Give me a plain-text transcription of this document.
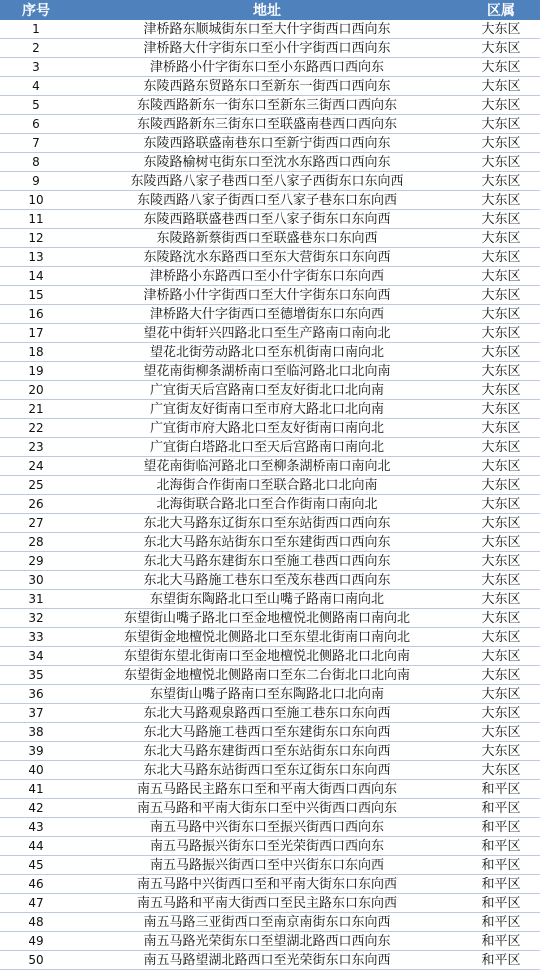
序号	地址	区属
1	津桥路东顺城街东口至大什字街西口西向东	大东区
2	津桥路大什字街东口至小什字街西口西向东	大东区
3	津桥路小什字街东口至小东路西口西向东	大东区
4	东陵西路东贸路东口至新东一街西口西向东	大东区
5	东陵西路新东一街东口至新东三街西口西向东	大东区
6	东陵西路新东三街东口至联盛南巷西口西向东	大东区
7	东陵西路联盛南巷东口至新宁街西口西向东	大东区
8	东陵路榆树屯街东口至沈水东路西口西向东	大东区
9	东陵西路八家子巷西口至八家子西街东口东向西	大东区
10	东陵西路八家子街西口至八家子巷东口东向西	大东区
11	东陵西路联盛巷西口至八家子街东口东向西	大东区
12	东陵路新蔡街西口至联盛巷东口东向西	大东区
13	东陵路沈水东路西口至东大营街东口东向西	大东区
14	津桥路小东路西口至小什字街东口东向西	大东区
15	津桥路小什字街西口至大什字街东口东向西	大东区
16	津桥路大什字街西口至德增街东口东向西	大东区
17	望花中街轩兴四路北口至生产路南口南向北	大东区
18	望花北街劳动路北口至东机街南口南向北	大东区
19	望花南街柳条湖桥南口至临河路北口北向南	大东区
20	广宜街天后宫路南口至友好街北口北向南	大东区
21	广宜街友好街南口至市府大路北口北向南	大东区
22	广宜街市府大路北口至友好街南口南向北	大东区
23	广宜街白塔路北口至天后宫路南口南向北	大东区
24	望花南街临河路北口至柳条湖桥南口南向北	大东区
25	北海街合作街南口至联合路北口北向南	大东区
26	北海街联合路北口至合作街南口南向北	大东区
27	东北大马路东辽街东口至东站街西口西向东	大东区
28	东北大马路东站街东口至东建街西口西向东	大东区
29	东北大马路东建街东口至施工巷西口西向东	大东区
30	东北大马路施工巷东口至茂东巷西口西向东	大东区
31	东望街东陶路北口至山嘴子路南口南向北	大东区
32	东望街山嘴子路北口至金地檀悦北侧路南口南向北	大东区
33	东望街金地檀悦北侧路北口至东望北街南口南向北	大东区
34	东望街东望北街南口至金地檀悦北侧路北口北向南	大东区
35	东望街金地檀悦北侧路南口至东二台街北口北向南	大东区
36	东望街山嘴子路南口至东陶路北口北向南	大东区
37	东北大马路观泉路西口至施工巷东口东向西	大东区
38	东北大马路施工巷西口至东建街东口东向西	大东区
39	东北大马路东建街西口至东站街东口东向西	大东区
40	东北大马路东站街西口至东辽街东口东向西	大东区
41	南五马路民主路东口至和平南大街西口西向东	和平区
42	南五马路和平南大街东口至中兴街西口西向东	和平区
43	南五马路中兴街东口至振兴街西口西向东	和平区
44	南五马路振兴街东口至光荣街西口西向东	和平区
45	南五马路振兴街西口至中兴街东口东向西	和平区
46	南五马路中兴街西口至和平南大街东口东向西	和平区
47	南五马路和平南大街西口至民主路东口东向西	和平区
48	南五马路三亚街西口至南京南街东口东向西	和平区
49	南五马路光荣街东口至望湖北路西口西向东	和平区
50	南五马路望湖北路西口至光荣街东口东向西	和平区
